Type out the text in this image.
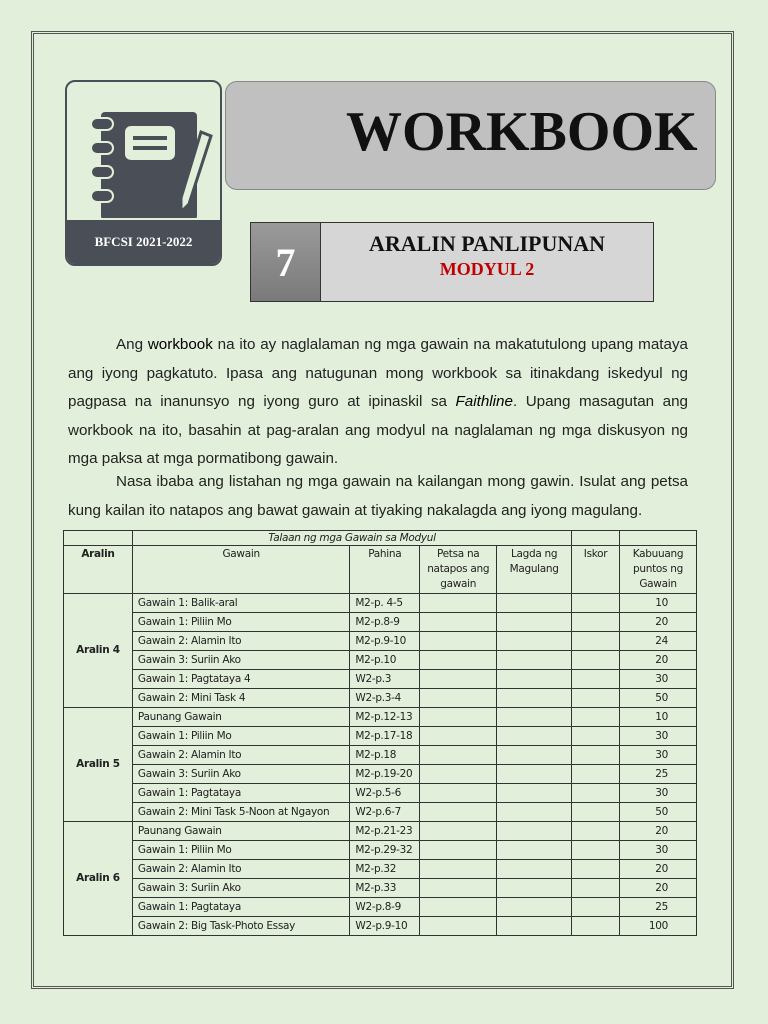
BFCSI 2021-2022
WORKBOOK
7	ARALIN PANLIPUNAN
MODYUL 2
Ang workbook na ito ay naglalaman ng mga gawain na makatutulong upang mataya ang iyong pagkatuto. Ipasa ang natugunan mong workbook sa itinakdang iskedyul ng pagpasa na inanunsyo ng iyong guro at ipinaskil sa Faithline. Upang masagutan ang workbook na ito, basahin at pag-aralan ang modyul na naglalaman ng mga diskusyon ng mga paksa at mga pormatibong gawain.
Nasa ibaba ang listahan ng mga gawain na kailangan mong gawin. Isulat ang petsa kung kailan ito natapos ang bawat gawain at tiyaking nakalagda ang iyong magulang.
	Talaan ng mga Gawain sa Modyul					
Aralin	Gawain	Pahina	Petsa na natapos ang gawain	Lagda ng Magulang	Iskor	Kabuuang puntos ng Gawain
Aralin 4	Gawain 1: Balik-aral	M2-p. 4-5				10
	Gawain 1: Piliin Mo	M2-p.8-9				20
	Gawain 2: Alamin Ito	M2-p.9-10				24
	Gawain 3: Suriin Ako	M2-p.10				20
	Gawain 1: Pagtataya 4	W2-p.3				30
	Gawain 2: Mini Task 4	W2-p.3-4				50
Aralin 5	Paunang Gawain	M2-p.12-13				10
	Gawain 1: Piliin Mo	M2-p.17-18				30
	Gawain 2: Alamin Ito	M2-p.18				30
	Gawain 3: Suriin Ako	M2-p.19-20				25
	Gawain 1: Pagtataya	W2-p.5-6				30
	Gawain 2: Mini Task 5-Noon at Ngayon	W2-p.6-7				50
Aralin 6	Paunang Gawain	M2-p.21-23				20
	Gawain 1: Piliin Mo	M2-p.29-32				30
	Gawain 2: Alamin Ito	M2-p.32				20
	Gawain 3: Suriin Ako	M2-p.33				20
	Gawain 1: Pagtataya	W2-p.8-9				25
	Gawain 2: Big Task-Photo Essay	W2-p.9-10				100
